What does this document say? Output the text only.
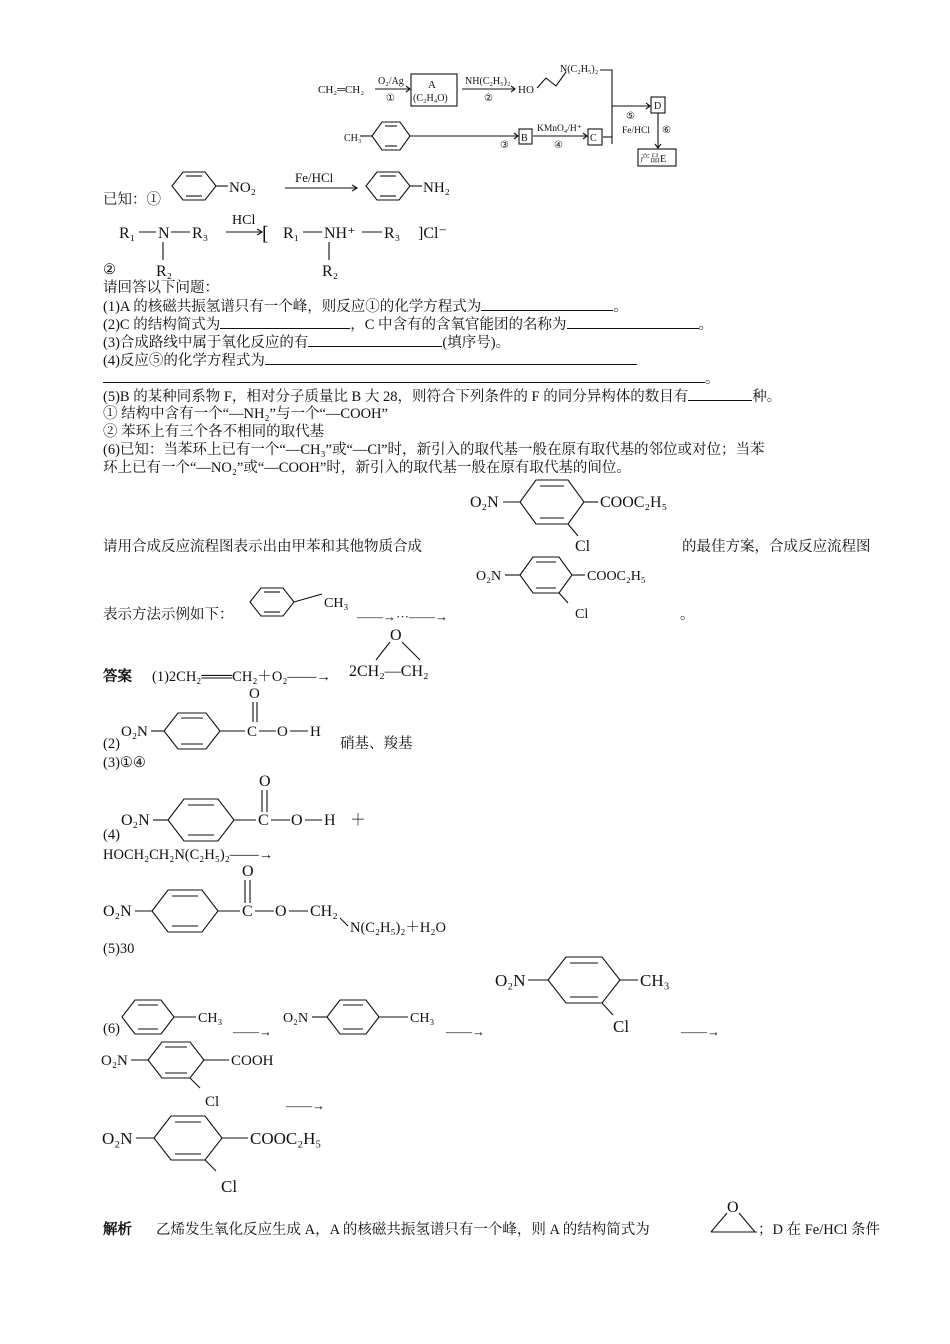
CH₂═CH₂
O₂/Ag
①
A
(C₂H₄O)
NH(C₂H₅)₂
②
HO
N(C₂H₅)₂
⑤
D
Fe/HCl ⑥
产品E
CH₃
③
B
KMnO₄/H⁺
④
C
已知：①
NO₂
Fe/HCl
NH₂
R₁ N R₃
R₂
HCl
[ R₁ NH⁺ R₃ ]Cl⁻
R₂
②
请回答以下问题：
(1)A 的核磁共振氢谱只有一个峰，则反应①的化学方程式为	。
(2)C 的结构简式为	，C 中含有的含氧官能团的名称为	。
(3)合成路线中属于氧化反应的有	(填序号)。
(4)反应⑤的化学方程式为
。
(5)B 的某种同系物 F，相对分子质量比 B 大 28，则符合下列条件的 F 的同分异构体的数目有	种。
① 结构中含有一个“—NH₂”与一个“—COOH”
② 苯环上有三个各不相同的取代基
(6)已知：当苯环上已有一个“—CH₃”或“—Cl”时，新引入的取代基一般在原有取代基的邻位或对位；当苯
环上已有一个“—NO₂”或“—COOH”时，新引入的取代基一般在原有取代基的间位。
O₂N	COOC₂H₅
Cl
请用合成反应流程图表示出由甲苯和其他物质合成	的最佳方案，合成反应流程图
O₂N	COOC₂H₅
Cl
表示方法示例如下：
CH₃
——→···——→	。
答案 (1)2CH₂═══CH₂＋O₂——→
O
2CH₂—CH₂
O
O₂N	C O H
(2)	硝基、羧基
(3)①④
O
O₂N	C O H ＋
(4)
HOCH₂CH₂N(C₂H₅)₂——→
O
O₂N	C O CH₂
N(C₂H₅)₂＋H₂O
(5)30
CH₃
——→
O₂N	CH₃
——→
O₂N	CH₃
Cl	——→
(6)
O₂N	COOH
Cl	——→
O₂N	COOC₂H₅
Cl
解析 乙烯发生氧化反应生成 A，A 的核磁共振氢谱只有一个峰，则 A 的结构简式为
O
；D 在 Fe/HCl 条件
